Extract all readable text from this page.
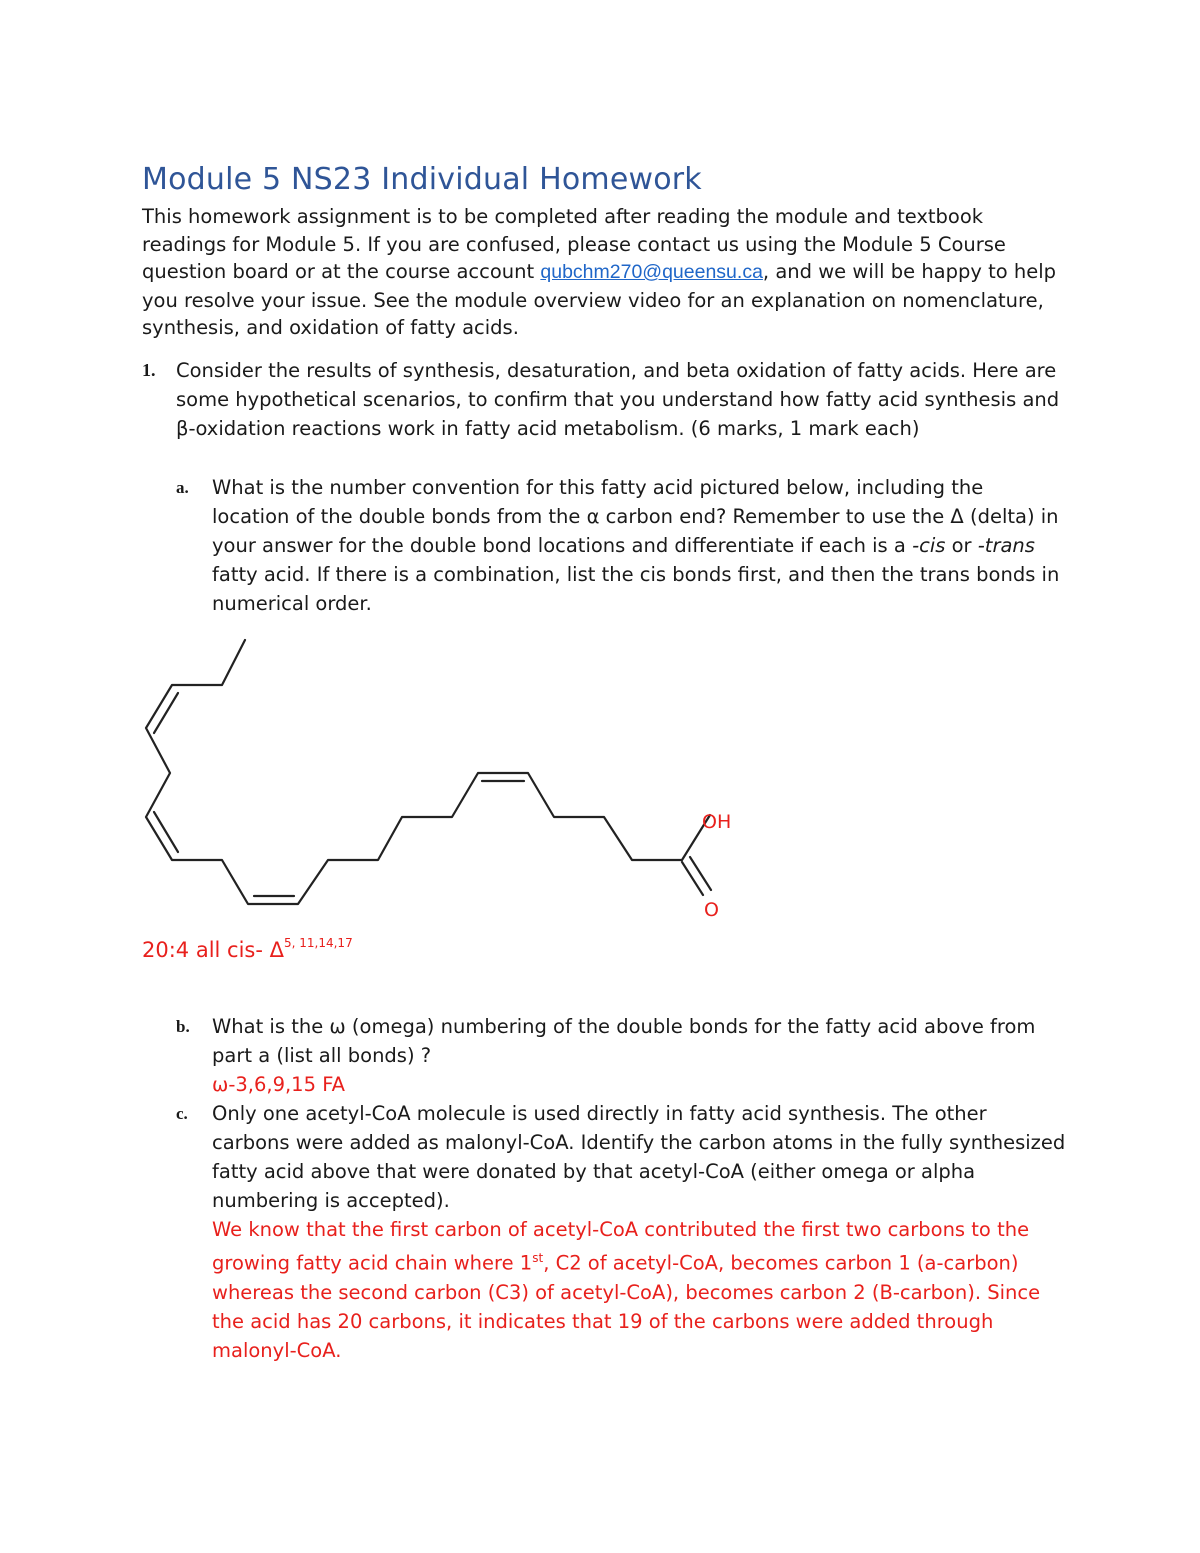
Module 5 NS23 Individual Homework

This homework assignment is to be completed after reading the module and textbook readings for Module 5. If you are confused, please contact us using the Module 5 Course question board or at the course account qubchm270@queensu.ca, and we will be happy to help you resolve your issue. See the module overview video for an explanation on nomenclature, synthesis, and oxidation of fatty acids.

1. Consider the results of synthesis, desaturation, and beta oxidation of fatty acids. Here are some hypothetical scenarios, to confirm that you understand how fatty acid synthesis and β-oxidation reactions work in fatty acid metabolism. (6 marks, 1 mark each)
a. What is the number convention for this fatty acid pictured below, including the location of the double bonds from the α carbon end? Remember to use the Δ (delta) in your answer for the double bond locations and differentiate if each is a -cis or -trans fatty acid. If there is a combination, list the cis bonds first, and then the trans bonds in numerical order.
OH
O
20:4 all cis- Δ$^{5, 11,14,17}$
b. What is the ω (omega) numbering of the double bonds for the fatty acid above from part a (list all bonds) ?
ω-3,6,9,15 FA
c. Only one acetyl-CoA molecule is used directly in fatty acid synthesis. The other carbons were added as malonyl-CoA. Identify the carbon atoms in the fully synthesized fatty acid above that were donated by that acetyl-CoA (either omega or alpha numbering is accepted).
We know that the first carbon of acetyl-CoA contributed the first two carbons to the growing fatty acid chain where 1st, C2 of acetyl-CoA, becomes carbon 1 (a-carbon) whereas the second carbon (C3) of acetyl-CoA), becomes carbon 2 (B-carbon). Since the acid has 20 carbons, it indicates that 19 of the carbons were added through malonyl-CoA.
